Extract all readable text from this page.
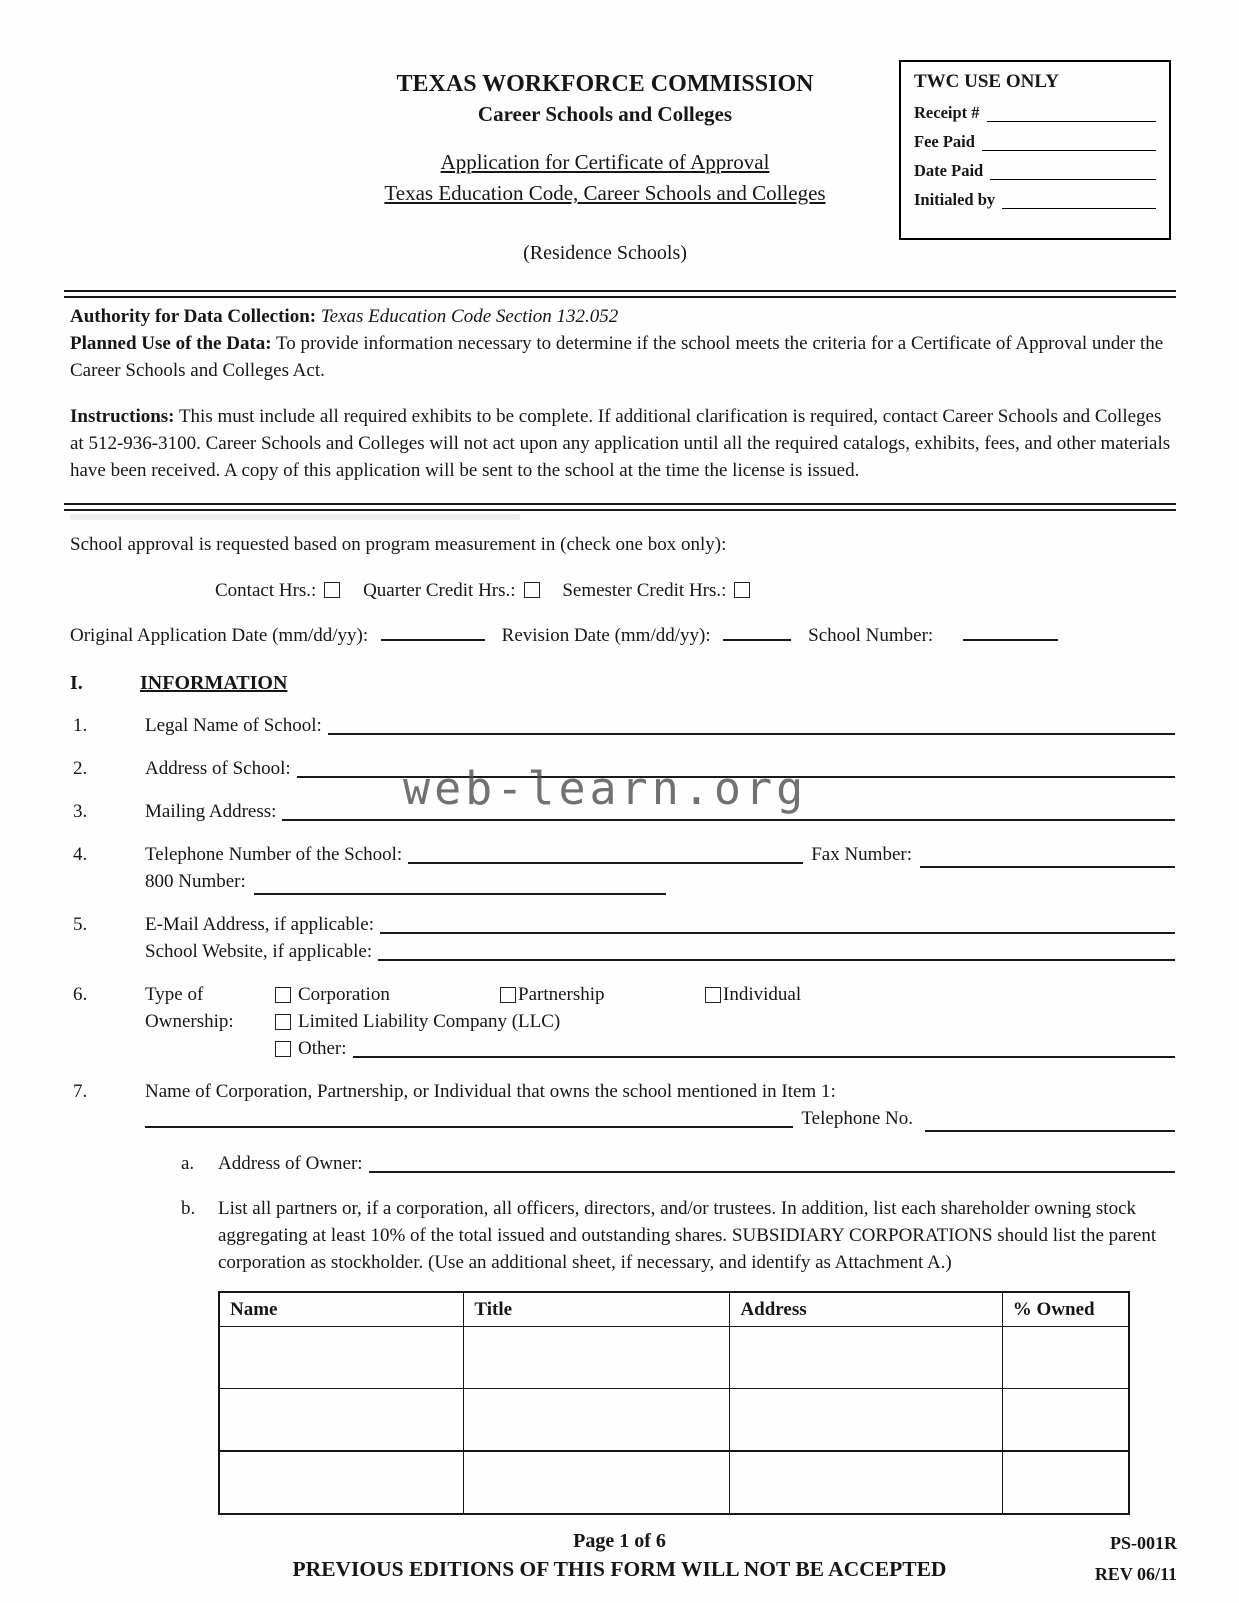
web-learn.org
TWC USE ONLY
Receipt #
Fee Paid
Date Paid
Initialed by
TEXAS WORKFORCE COMMISSION
Career Schools and Colleges
Application for Certificate of Approval
Texas Education Code, Career Schools and Colleges
(Residence Schools)

Authority for Data Collection: Texas Education Code Section 132.052
Planned Use of the Data: To provide information necessary to determine if the school meets the criteria for a Certificate of Approval under the Career Schools and Colleges Act.

Instructions: This must include all required exhibits to be complete. If additional clarification is required, contact Career Schools and Colleges at 512-936-3100. Career Schools and Colleges will not act upon any application until all the required catalogs, exhibits, fees, and other materials have been received. A copy of this application will be sent to the school at the time the license is issued.

School approval is requested based on program measurement in (check one box only):

Contact Hrs.: Quarter Credit Hrs.: Semester Credit Hrs.:
Original Application Date (mm/dd/yy):	Revision Date (mm/dd/yy):	School Number:
I.	INFORMATION
1.	Legal Name of School:
2.	Address of School:
3.	Mailing Address:
4.	Telephone Number of the School:	Fax Number:
800 Number:
5.	E-Mail Address, if applicable:
School Website, if applicable:
6.	Type of
Ownership:
Corporation	Partnership	Individual
Limited Liability Company (LLC)
Other:
7.	Name of Corporation, Partnership, or Individual that owns the school mentioned in Item 1:
Telephone No.
a.	Address of Owner:
b.	List all partners or, if a corporation, all officers, directors, and/or trustees. In addition, list each shareholder owning stock aggregating at least 10% of the total issued and outstanding shares. SUBSIDIARY CORPORATIONS should list the parent corporation as stockholder. (Use an additional sheet, if necessary, and identify as Attachment A.)
Name	Title	Address	% Owned

Page 1 of 6
PREVIOUS EDITIONS OF THIS FORM WILL NOT BE ACCEPTED
PS-001R
REV 06/11
